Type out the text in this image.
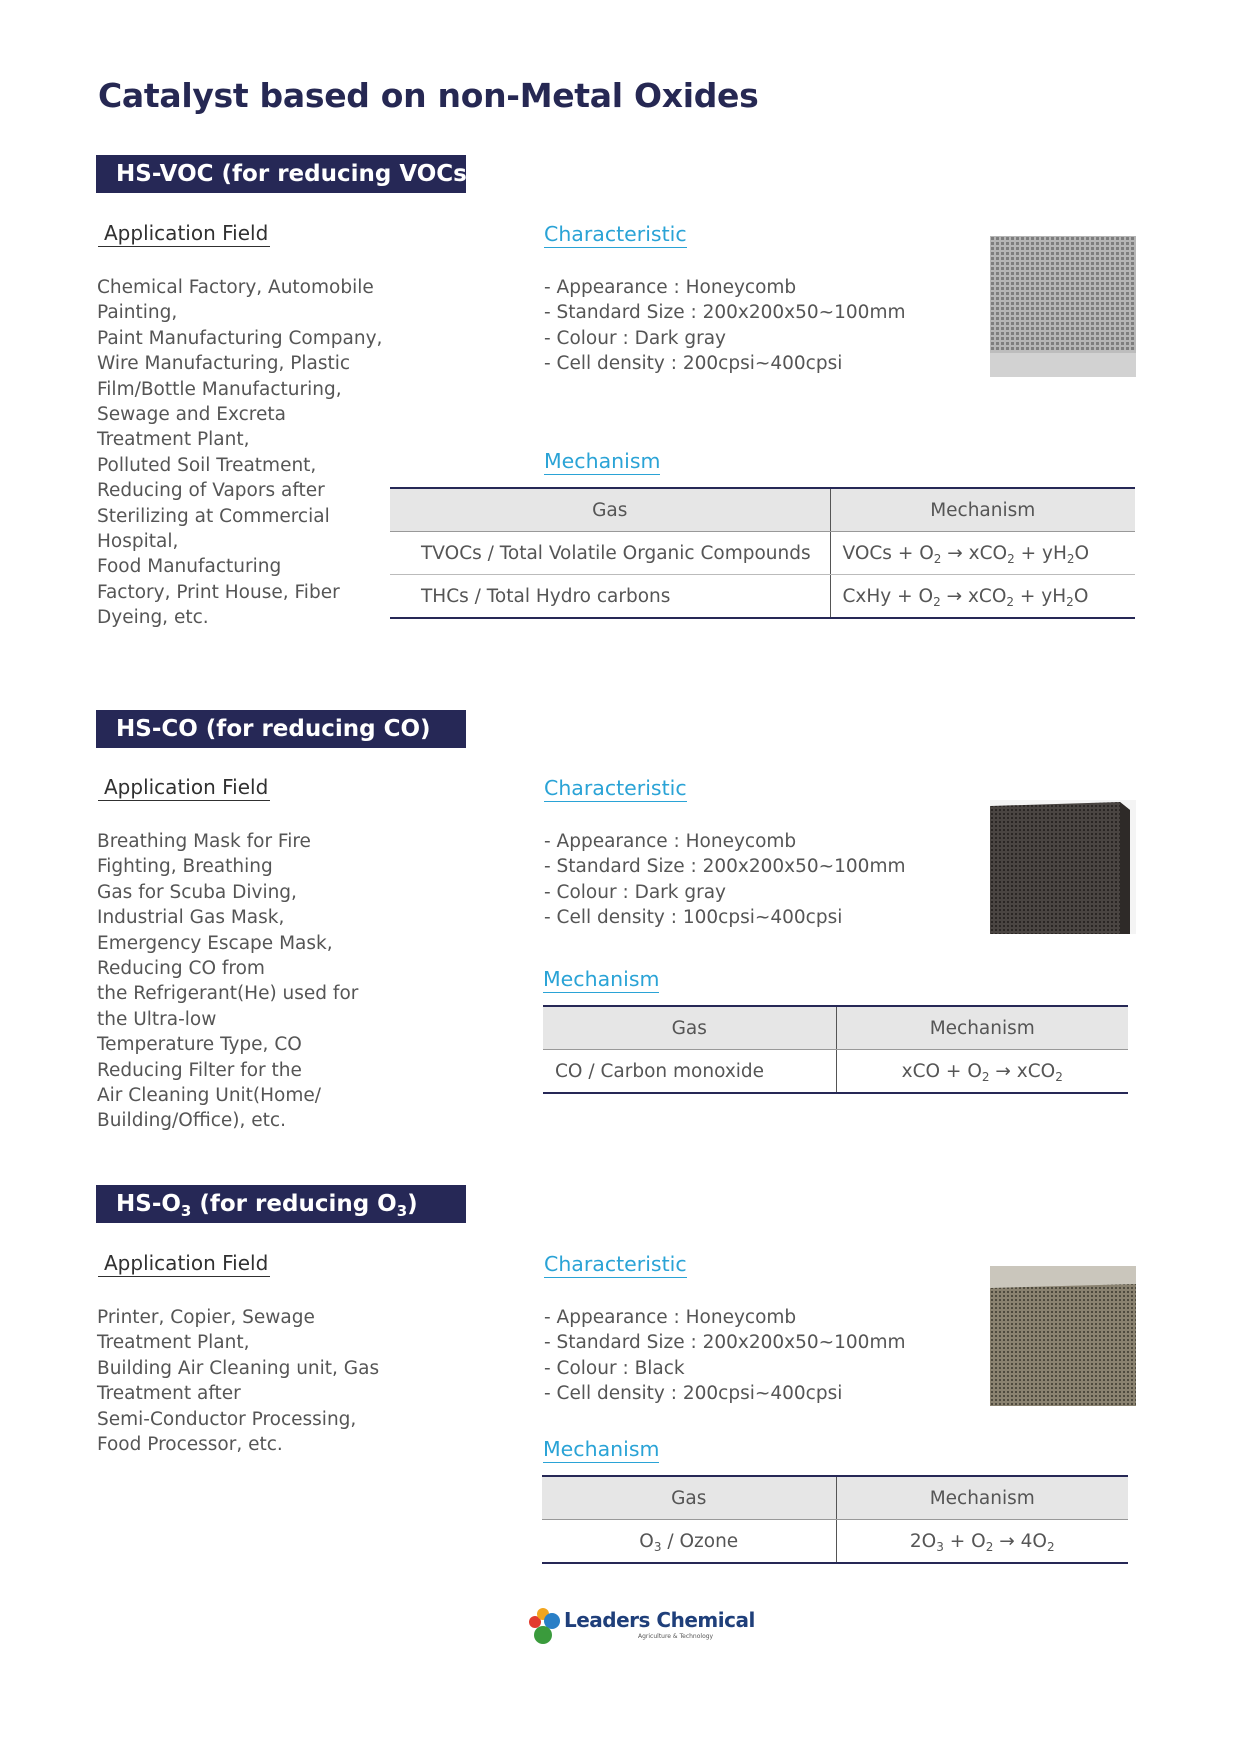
Catalyst based on non-Metal Oxides
HS-VOC (for reducing VOCs)
Application Field
Chemical Factory, Automobile
Painting,
Paint Manufacturing Company,
Wire Manufacturing, Plastic
Film/Bottle Manufacturing,
Sewage and Excreta
Treatment Plant,
Polluted Soil Treatment,
Reducing of Vapors after
Sterilizing at Commercial
Hospital,
Food Manufacturing
Factory, Print House, Fiber
Dyeing, etc.
Characteristic
- Appearance : Honeycomb
- Standard Size : 200x200x50~100mm
- Colour : Dark gray
- Cell density : 200cpsi~400cpsi
Mechanism
Gas	Mechanism
TVOCs / Total Volatile Organic Compounds	VOCs + $O_2 \to xCO_2 + yH_2O$
THCs / Total Hydro carbons	CxHy + $O_2 \to xCO_2 + yH_2O$
HS-CO (for reducing CO)
Application Field
Breathing Mask for Fire
Fighting, Breathing
Gas for Scuba Diving,
Industrial Gas Mask,
Emergency Escape Mask,
Reducing CO from
the Refrigerant(He) used for
the Ultra-low
Temperature Type, CO
Reducing Filter for the
Air Cleaning Unit(Home/
Building/Office), etc.
Characteristic
- Appearance : Honeycomb
- Standard Size : 200x200x50~100mm
- Colour : Dark gray
- Cell density : 100cpsi~400cpsi
Mechanism
Gas	Mechanism
CO / Carbon monoxide	xCO + $O_2 \to xCO_2$
$HS-O_3$ (for reducing $O_3$)
Application Field
Printer, Copier, Sewage
Treatment Plant,
Building Air Cleaning unit, Gas
Treatment after
Semi-Conductor Processing,
Food Processor, etc.
Characteristic
- Appearance : Honeycomb
- Standard Size : 200x200x50~100mm
- Colour : Black
- Cell density : 200cpsi~400cpsi
Mechanism
Gas	Mechanism
$O_3$ / Ozone	$2O_3 + O_2 \to 4O_2$
Leaders Chemical
Agriculture & Technology
